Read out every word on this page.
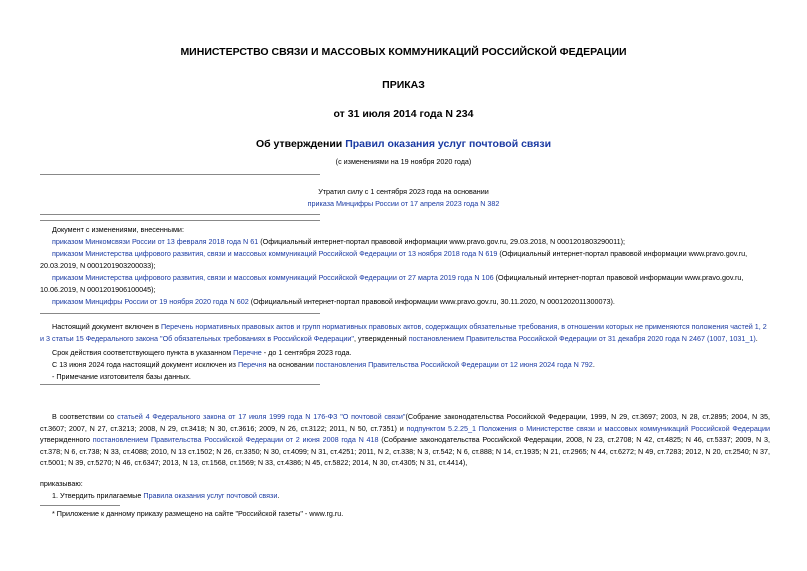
МИНИСТЕРСТВО СВЯЗИ И МАССОВЫХ КОММУНИКАЦИЙ РОССИЙСКОЙ ФЕДЕРАЦИИ
ПРИКАЗ
от 31 июля 2014 года N 234
Об утверждении Правил оказания услуг почтовой связи
(с изменениями на 19 ноября 2020 года)
Утратил силу с 1 сентября 2023 года на основании
приказа Минцифры России от 17 апреля 2023 года N 382
Документ с изменениями, внесенными:
приказом Минкомсвязи России от 13 февраля 2018 года N 61 (Официальный интернет-портал правовой информации www.pravo.gov.ru, 29.03.2018, N 0001201803290011);
приказом Министерства цифрового развития, связи и массовых коммуникаций Российской Федерации от 13 ноября 2018 года N 619 (Официальный интернет-портал правовой информации www.pravo.gov.ru, 20.03.2019, N 0001201903200033);
приказом Министерства цифрового развития, связи и массовых коммуникаций Российской Федерации от 27 марта 2019 года N 106 (Официальный интернет-портал правовой информации www.pravo.gov.ru, 10.06.2019, N 0001201906100045);
приказом Минцифры России от 19 ноября 2020 года N 602 (Официальный интернет-портал правовой информации www.pravo.gov.ru, 30.11.2020, N 0001202011300073).
Настоящий документ включен в Перечень нормативных правовых актов и групп нормативных правовых актов, содержащих обязательные требования, в отношении которых не применяются положения частей 1, 2 и 3 статьи 15 Федерального закона "Об обязательных требованиях в Российской Федерации", утвержденный постановлением Правительства Российской Федерации от 31 декабря 2020 года N 2467 (1007, 1031_1).
Срок действия соответствующего пункта в указанном Перечне - до 1 сентября 2023 года.
С 13 июня 2024 года настоящий документ исключен из Перечня на основании постановления Правительства Российской Федерации от 12 июня 2024 года N 792.
- Примечание изготовителя базы данных.
В соответствии со статьей 4 Федерального закона от 17 июля 1999 года N 176-ФЗ "О почтовой связи"(Собрание законодательства Российской Федерации, 1999, N 29, ст.3697; 2003, N 28, ст.2895; 2004, N 35, ст.3607; 2007, N 27, ст.3213; 2008, N 29, ст.3418; N 30, ст.3616; 2009, N 26, ст.3122; 2011, N 50, ст.7351) и подпунктом 5.2.25_1 Положения о Министерстве связи и массовых коммуникаций Российской Федерации утвержденного постановлением Правительства Российской Федерации от 2 июня 2008 года N 418 (Собрание законодательства Российской Федерации, 2008, N 23, ст.2708; N 42, ст.4825; N 46, ст.5337; 2009, N 3, ст.378; N 6, ст.738; N 33, ст.4088; 2010, N 13 ст.1502; N 26, ст.3350; N 30, ст.4099; N 31, ст.4251; 2011, N 2, ст.338; N 3, ст.542; N 6, ст.888; N 14, ст.1935; N 21, ст.2965; N 44, ст.6272; N 49, ст.7283; 2012, N 20, ст.2540; N 37, ст.5001; N 39, ст.5270; N 46, ст.6347; 2013, N 13, ст.1568, ст.1569; N 33, ст.4386; N 45, ст.5822; 2014, N 30, ст.4305; N 31, ст.4414),
приказываю:
1. Утвердить прилагаемые Правила оказания услуг почтовой связи.
* Приложение к данному приказу размещено на сайте "Российской газеты" - www.rg.ru.
